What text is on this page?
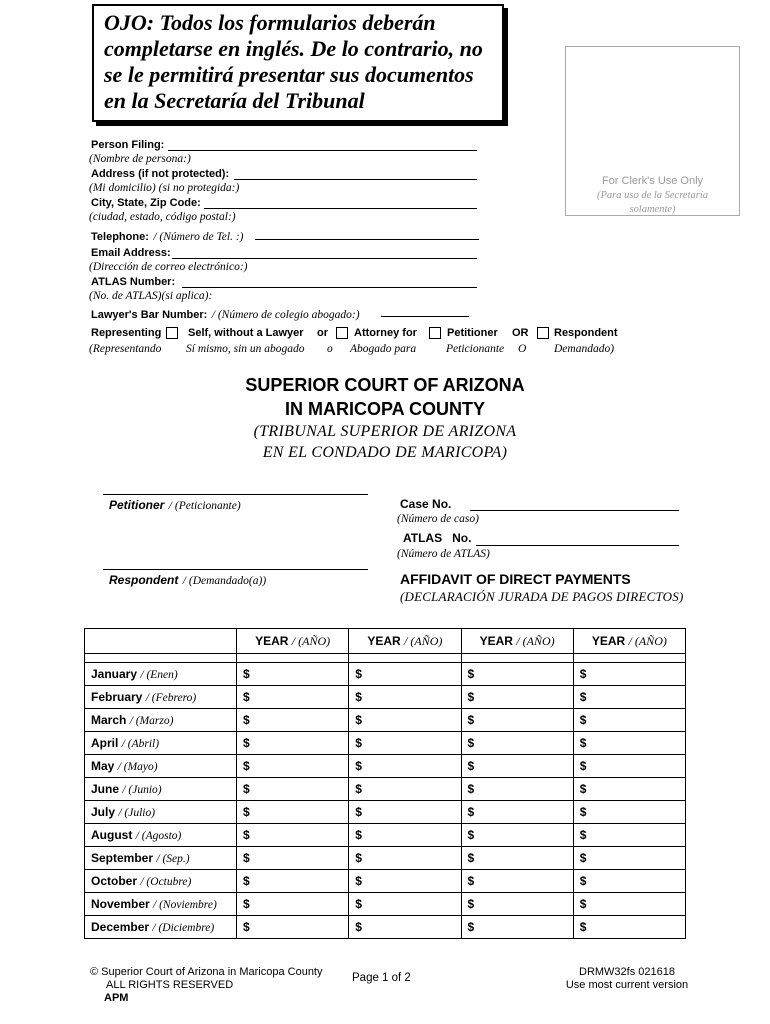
OJO: Todos los formularios deberán
completarse en inglés. De lo contrario, no
se le permitirá presentar sus documentos
en la Secretaría del Tribunal
For Clerk's Use Only
(Para uso de la Secretaría solamente)
Person Filing:
(Nombre de persona:)
Address (if not protected):
(Mi domicilio) (si no protegida:)
City, State, Zip Code:
(ciudad, estado, código postal:)
Telephone: / (Número de Tel. :)
Email Address:
(Dirección de correo electrónico:)
ATLAS Number:
(No. de ATLAS)(si aplica):
Lawyer's Bar Number: / (Número de colegio abogado:)
Representing Self, without a Lawyer or Attorney for	Petitioner OR Respondent
(Representando Sí mismo, sin un abogado o Abogado para	Peticionante O Demandado)
SUPERIOR COURT OF ARIZONA
IN MARICOPA COUNTY
(TRIBUNAL SUPERIOR DE ARIZONA
EN EL CONDADO DE MARICOPA)
Petitioner / (Peticionante)
Respondent / (Demandado(a))
Case No.
(Número de caso)
ATLAS   No.
(Número de ATLAS)
AFFIDAVIT OF DIRECT PAYMENTS
(DECLARACIÓN JURADA DE PAGOS DIRECTOS)
	YEAR / (AÑO)	YEAR / (AÑO)	YEAR / (AÑO)	YEAR / (AÑO)

January / (Enen)	$	$	$	$
February / (Febrero)	$	$	$	$
March / (Marzo)	$	$	$	$
April / (Abril)	$	$	$	$
May / (Mayo)	$	$	$	$
June / (Junio)	$	$	$	$
July / (Julio)	$	$	$	$
August / (Agosto)	$	$	$	$
September / (Sep.)	$	$	$	$
October / (Octubre)	$	$	$	$
November / (Noviembre)	$	$	$	$
December / (Diciembre)	$	$	$	$
© Superior Court of Arizona in Maricopa County
ALL RIGHTS RESERVED
APM
Page 1 of 2	DRMW32fs 021618
Use most current version
